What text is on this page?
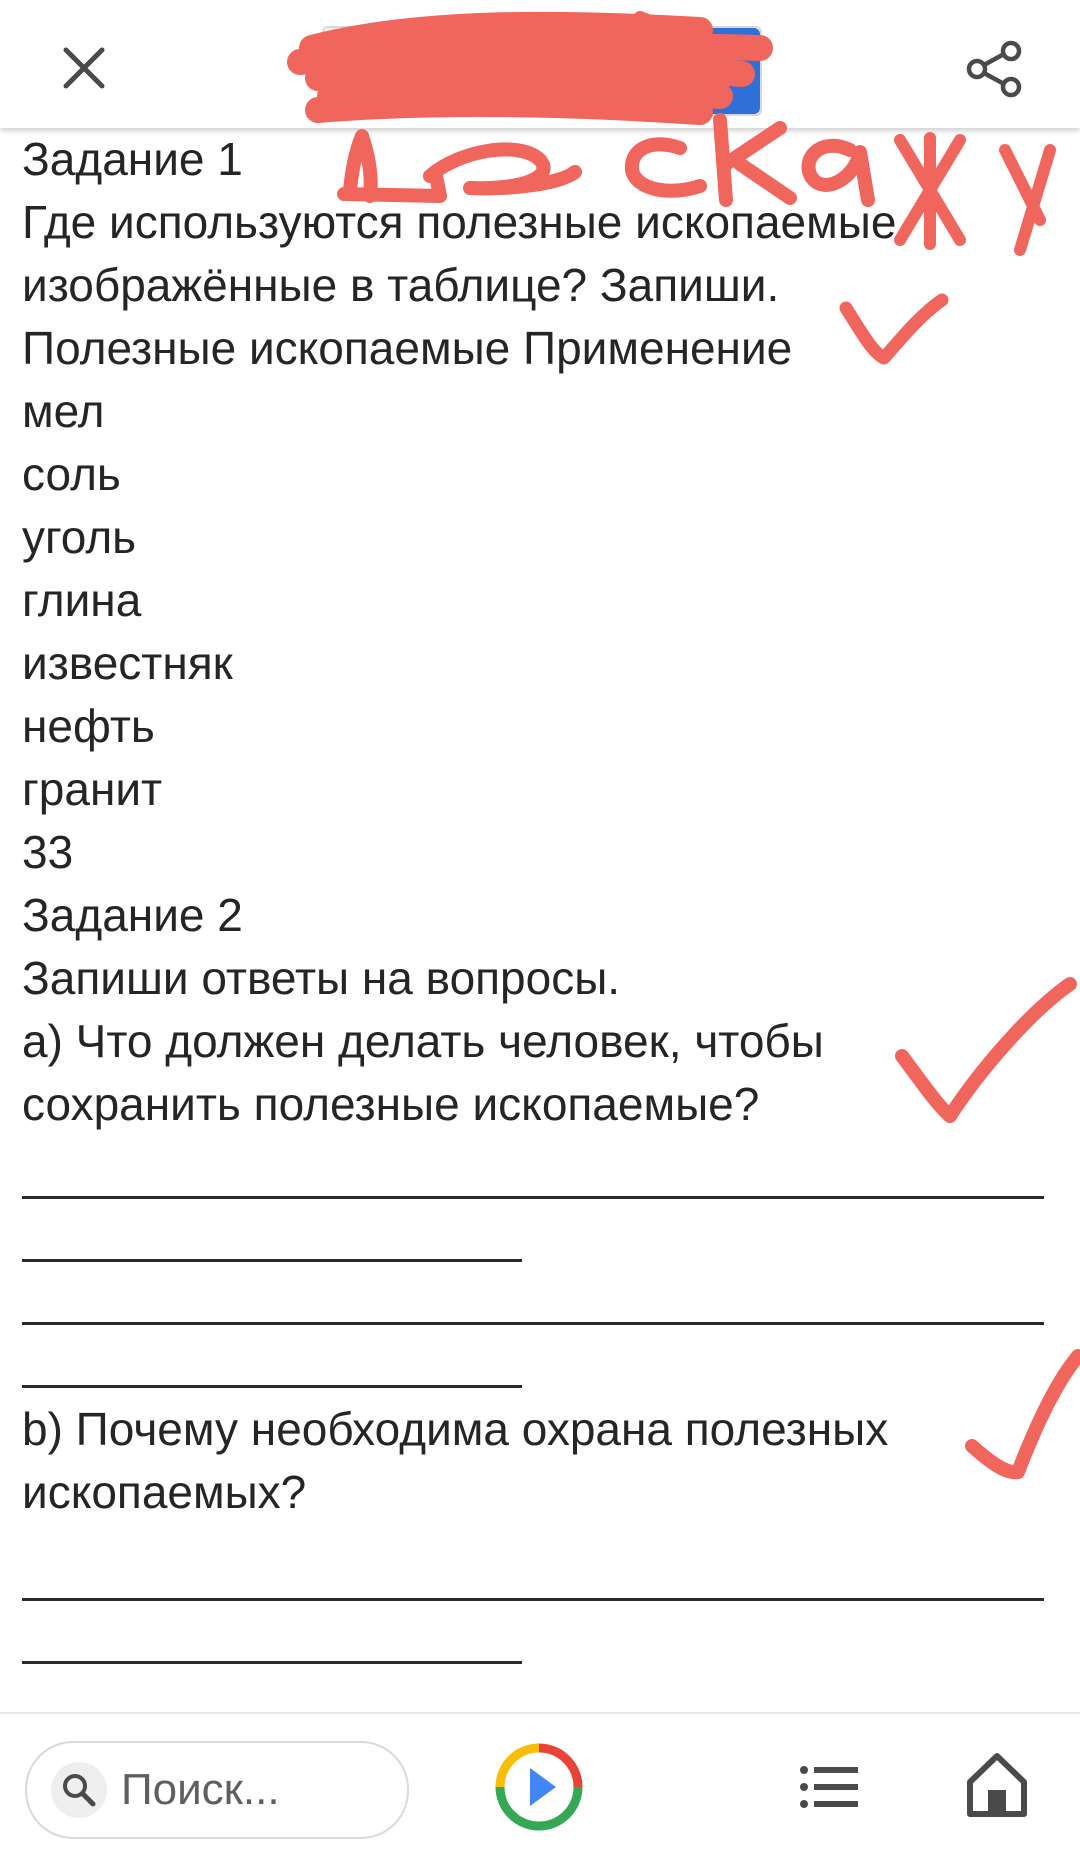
Задание 1
Где используются полезные ископаемые,
изображённые в таблице? Запиши.
Полезные ископаемые Применение
мел
соль
уголь
глина
известняк
нефть
гранит
33
Задание 2
Запиши ответы на вопросы.
а) Что должен делать человек, чтобы
сохранить полезные ископаемые?
b) Почему необходима охрана полезных
ископаемых?
Поиск...
